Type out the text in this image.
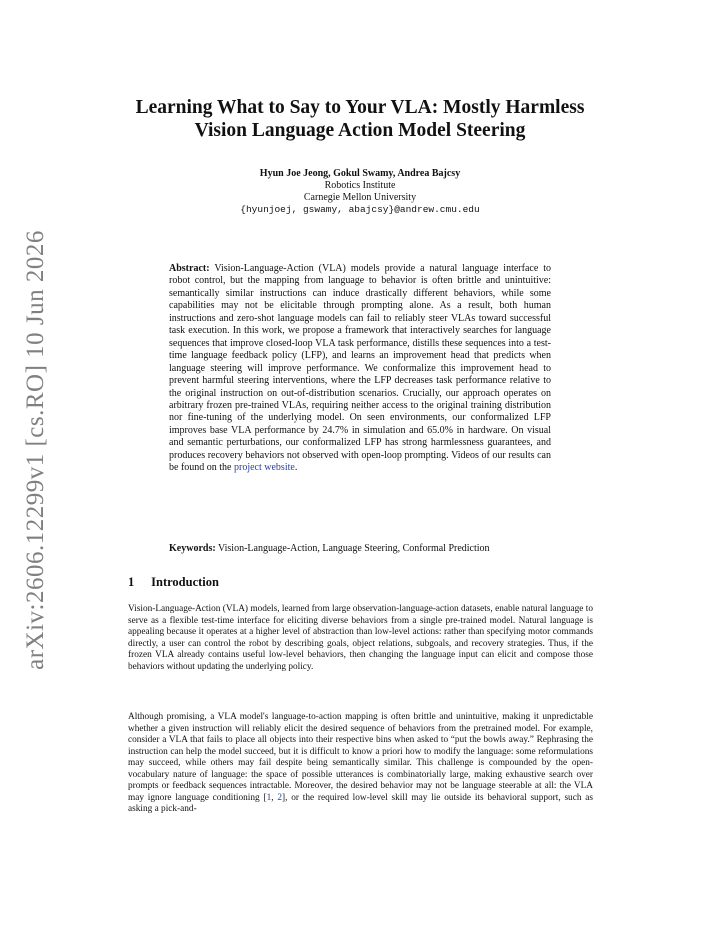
arXiv:2606.12299v1 [cs.RO] 10 Jun 2026
Learning What to Say to Your VLA: Mostly Harmless Vision Language Action Model Steering
Hyun Joe Jeong, Gokul Swamy, Andrea Bajcsy
Robotics Institute
Carnegie Mellon University
{hyunjoej, gswamy, abajcsy}@andrew.cmu.edu
Abstract: Vision-Language-Action (VLA) models provide a natural language interface to robot control, but the mapping from language to behavior is often brittle and unintuitive: semantically similar instructions can induce drastically different behaviors, while some capabilities may not be elicitable through prompting alone. As a result, both human instructions and zero-shot language models can fail to reliably steer VLAs toward successful task execution. In this work, we propose a framework that interactively searches for language sequences that improve closed-loop VLA task performance, distills these sequences into a test-time language feedback policy (LFP), and learns an improvement head that predicts when language steering will improve performance. We conformalize this improvement head to prevent harmful steering interventions, where the LFP decreases task performance relative to the original instruction on out-of-distribution scenarios. Crucially, our approach operates on arbitrary frozen pre-trained VLAs, requiring neither access to the original training distribution nor fine-tuning of the underlying model. On seen environments, our conformalized LFP improves base VLA performance by 24.7% in simulation and 65.0% in hardware. On visual and semantic perturbations, our conformalized LFP has strong harmlessness guarantees, and produces recovery behaviors not observed with open-loop prompting. Videos of our results can be found on the project website.
Keywords: Vision-Language-Action, Language Steering, Conformal Prediction
1 Introduction
Vision-Language-Action (VLA) models, learned from large observation-language-action datasets, enable natural language to serve as a flexible test-time interface for eliciting diverse behaviors from a single pre-trained model. Natural language is appealing because it operates at a higher level of abstraction than low-level actions: rather than specifying motor commands directly, a user can control the robot by describing goals, object relations, subgoals, and recovery strategies. Thus, if the frozen VLA already contains useful low-level behaviors, then changing the language input can elicit and compose those behaviors without updating the underlying policy.
Although promising, a VLA model's language-to-action mapping is often brittle and unintuitive, making it unpredictable whether a given instruction will reliably elicit the desired sequence of behaviors from the pretrained model. For example, consider a VLA that fails to place all objects into their respective bins when asked to “put the bowls away.” Rephrasing the instruction can help the model succeed, but it is difficult to know a priori how to modify the language: some reformulations may succeed, while others may fail despite being semantically similar. This challenge is compounded by the open-vocabulary nature of language: the space of possible utterances is combinatorially large, making exhaustive search over prompts or feedback sequences intractable. Moreover, the desired behavior may not be language steerable at all: the VLA may ignore language conditioning [1, 2], or the required low-level skill may lie outside its behavioral support, such as asking a pick-and-
